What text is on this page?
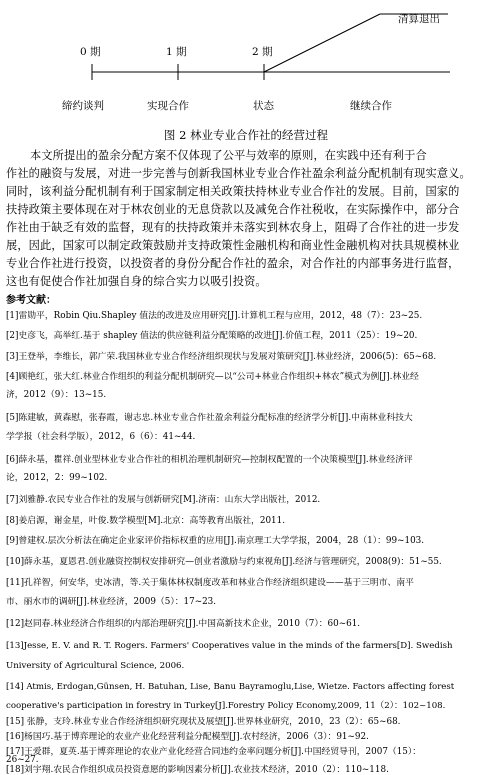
0 期	1 期	2 期
清算退出
缔约谈判	实现合作	状态	继续合作
图 2 林业专业合作社的经营过程
本文所提出的盈余分配方案不仅体现了公平与效率的原则，在实践中还有利于合
作社的融资与发展，对进一步完善与创新我国林业专业合作社盈余利益分配机制有现实意义。
同时，该利益分配机制有利于国家制定相关政策扶持林业专业合作社的发展。目前，国家的
扶持政策主要体现在对于林农创业的无息贷款以及减免合作社税收，在实际操作中，部分合
作社由于缺乏有效的监督，现有的扶持政策并未落实到林农身上，阻碍了合作社的进一步发
展，因此，国家可以制定政策鼓励并支持政策性金融机构和商业性金融机构对扶具规模林业
专业合作社进行投资，以投资者的身份分配合作社的盈余，对合作社的内部事务进行监督，
这也有促使合作社加强自身的综合实力以吸引投资。
参考文献：
[1]雷勋平，Robin Qiu.Shapley 值法的改进及应用研究[J].计算机工程与应用，2012，48（7）：23~25.
[2]史彦飞，高举红.基于 shapley 值法的供应链利益分配策略的改进[J].价值工程，2011（25）：19~20.
[3]王登举，李维长，郭广荣.我国林业专业合作经济组织现状与发展对策研究[J].林业经济，2006(5)：65~68.
[4]顾艳红，张大红.林业合作组织的利益分配机制研究—以“公司+林业合作组织+林农”模式为例[J].林业经
济，2012（9）：13~15.
[5]陈建敏，黄森慰，张春霞，谢志忠.林业专业合作社盈余利益分配标准的经济学分析[J].中南林业科技大
学学报（社会科学版），2012，6（6）：41~44.
[6]薛永基，瞿祥.创业型林业专业合作社的相机治理机制研究—控制权配置的一个决策模型[J].林业经济评
论，2012，2：99~102.
[7]刘雅静.农民专业合作社的发展与创新研究[M].济南：山东大学出版社，2012.
[8]姜启源，谢金星，叶俊.数学模型[M].北京：高等教育出版社，2011.
[9]曾建权.层次分析法在确定企业家评价指标权重的应用[J].南京理工大学学报，2004，28（1）：99~103.
[10]薛永基，夏恩君.创业融资控制权安排研究—创业者激励与约束视角[J].经济与管理研究，2008(9)：51~55.
[11]孔祥智，何安华，史冰清，等.关于集体林权制度改革和林业合作经济组织建设——基于三明市、南平
市、丽水市的调研[J].林业经济，2009（5）：17~23.
[12]赵同春.林业经济合作组织的内部治理研究[J].中国高新技术企业，2010（7）：60~61.
[13]Jesse, E. V. and R. T. Rogers. Farmers' Cooperatives value in the minds of the farmers[D]. Swedish
University of Agricultural Science, 2006.
[14] Atmis, Erdogan,Günsen, H. Batuhan, Lise, Banu Bayramoglu,Lise, Wietze. Factors affecting forest
cooperative's participation in forestry in Turkey[J].Forestry Policy Economy,2009, 11（2）：102~108.
[15] 张静，支玲.林业专业合作经济组织研究现状及展望[J].世界林业研究，2010，23（2）：65~68.
[16]杨国巧.基于博弈理论的农业产业化经营利益分配模型[J].农村经济，2006（3）：91~92.
[17]王爱群，夏英.基于博弈理论的农业产业化经营合同违约金率问题分析[J].中国经贸导刊，2007（15）：
26~27.
[18]刘宇翔.农民合作组织成员投资意愿的影响因素分析[J].农业技术经济，2010（2）：110~118.
